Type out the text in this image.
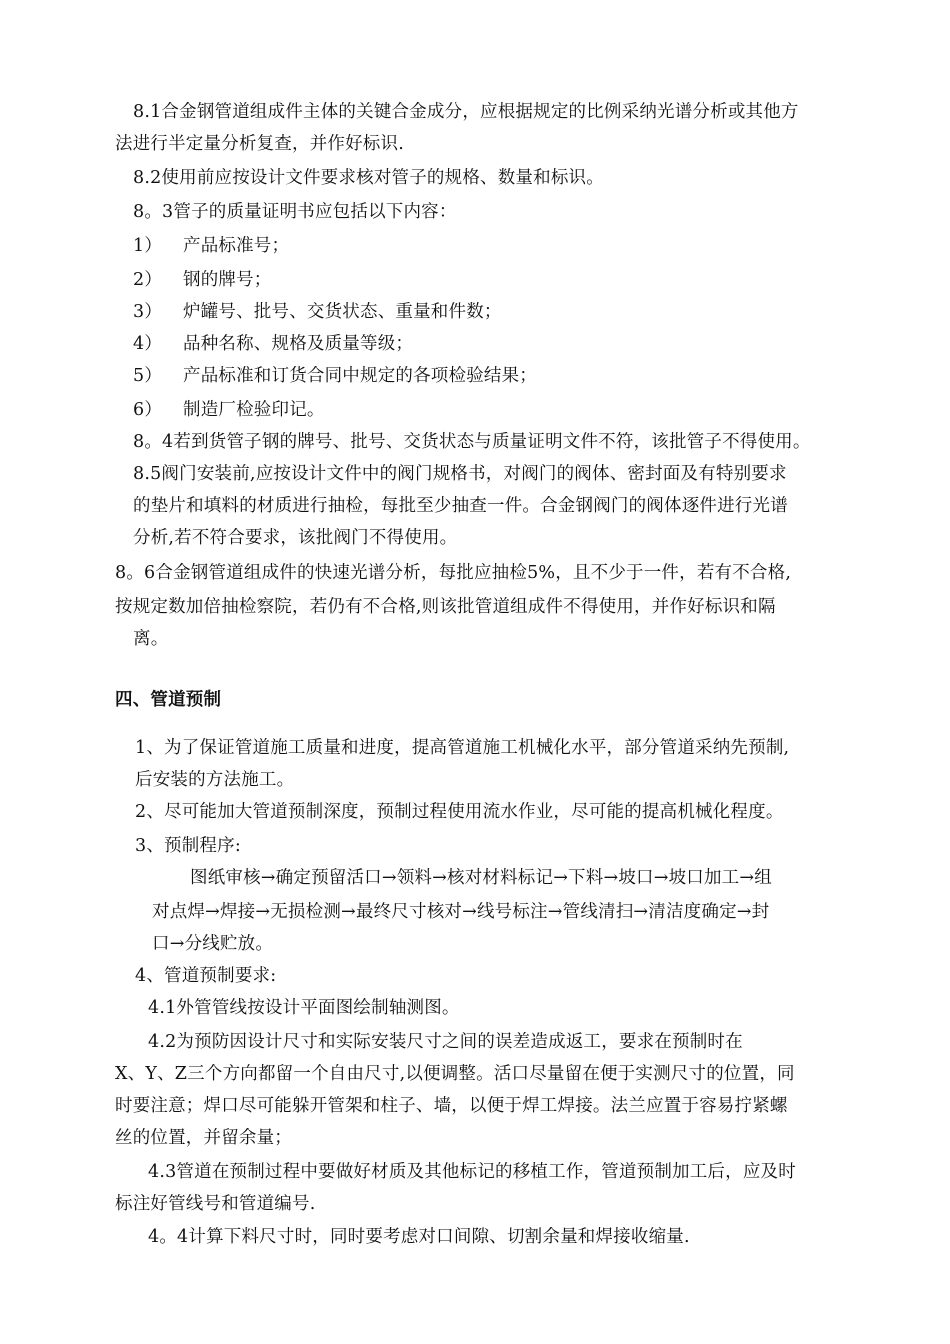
8.1合金钢管道组成件主体的关键合金成分，应根据规定的比例采纳光谱分析或其他方
法进行半定量分析复查，并作好标识.
8.2使用前应按设计文件要求核对管子的规格、数量和标识。
8。3管子的质量证明书应包括以下内容：
1） 产品标准号；
2） 钢的牌号；
3） 炉罐号、批号、交货状态、重量和件数；
4） 品种名称、规格及质量等级；
5） 产品标准和订货合同中规定的各项检验结果；
6） 制造厂检验印记。
8。4若到货管子钢的牌号、批号、交货状态与质量证明文件不符，该批管子不得使用。
8.5阀门安装前,应按设计文件中的阀门规格书，对阀门的阀体、密封面及有特别要求
的垫片和填料的材质进行抽检，每批至少抽查一件。合金钢阀门的阀体逐件进行光谱
分析,若不符合要求，该批阀门不得使用。
8。6合金钢管道组成件的快速光谱分析，每批应抽检5%，且不少于一件，若有不合格,
按规定数加倍抽检察院，若仍有不合格,则该批管道组成件不得使用，并作好标识和隔
离。
四、管道预制
1、为了保证管道施工质量和进度，提高管道施工机械化水平，部分管道采纳先预制,
后安装的方法施工。
2、尽可能加大管道预制深度，预制过程使用流水作业，尽可能的提高机械化程度。
3、预制程序:
图纸审核→确定预留活口→领料→核对材料标记→下料→坡口→坡口加工→组
对点焊→焊接→无损检测→最终尺寸核对→线号标注→管线清扫→清洁度确定→封
口→分线贮放。
4、管道预制要求:
4.1外管管线按设计平面图绘制轴测图。
4.2为预防因设计尺寸和实际安装尺寸之间的误差造成返工，要求在预制时在
X、Y、Z三个方向都留一个自由尺寸,以便调整。活口尽量留在便于实测尺寸的位置，同
时要注意；焊口尽可能躲开管架和柱子、墙，以便于焊工焊接。法兰应置于容易拧紧螺
丝的位置，并留余量；
4.3管道在预制过程中要做好材质及其他标记的移植工作，管道预制加工后，应及时
标注好管线号和管道编号.
4。4计算下料尺寸时，同时要考虑对口间隙、切割余量和焊接收缩量.
